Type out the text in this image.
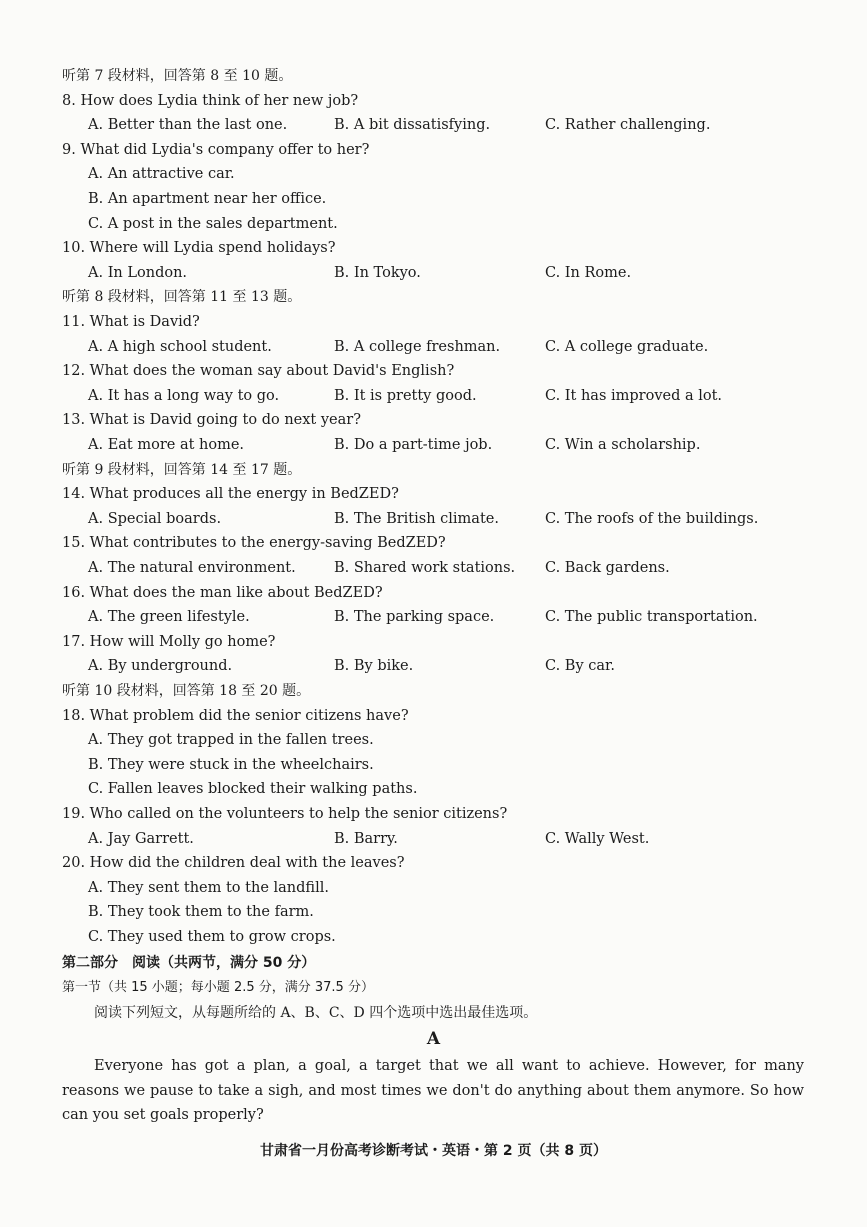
听第 7 段材料，回答第 8 至 10 题。
8. How does Lydia think of her new job?
A. Better than the last one.	B. A bit dissatisfying.	C. Rather challenging.
9. What did Lydia's company offer to her?
A. An attractive car.
B. An apartment near her office.
C. A post in the sales department.
10. Where will Lydia spend holidays?
A. In London.	B. In Tokyo.	C. In Rome.
听第 8 段材料，回答第 11 至 13 题。
11. What is David?
A. A high school student.	B. A college freshman.	C. A college graduate.
12. What does the woman say about David's English?
A. It has a long way to go.	B. It is pretty good.	C. It has improved a lot.
13. What is David going to do next year?
A. Eat more at home.	B. Do a part-time job.	C. Win a scholarship.
听第 9 段材料，回答第 14 至 17 题。
14. What produces all the energy in BedZED?
A. Special boards.	B. The British climate.	C. The roofs of the buildings.
15. What contributes to the energy-saving BedZED?
A. The natural environment.	B. Shared work stations. C. Back gardens.
16. What does the man like about BedZED?
A. The green lifestyle.	B. The parking space.	C. The public transportation.
17. How will Molly go home?
A. By underground.	B. By bike.	C. By car.
听第 10 段材料，回答第 18 至 20 题。
18. What problem did the senior citizens have?
A. They got trapped in the fallen trees.
B. They were stuck in the wheelchairs.
C. Fallen leaves blocked their walking paths.
19. Who called on the volunteers to help the senior citizens?
A. Jay Garrett.	B. Barry.	C. Wally West.
20. How did the children deal with the leaves?
A. They sent them to the landfill.
B. They took them to the farm.
C. They used them to grow crops.
第二部分　阅读（共两节，满分 50 分）
第一节（共 15 小题；每小题 2.5 分，满分 37.5 分）
阅读下列短文，从每题所给的 A、B、C、D 四个选项中选出最佳选项。
A
Everyone has got a plan, a goal, a target that we all want to achieve. However, for many reasons we pause to take a sigh, and most times we don't do anything about them anymore. So how can you set goals properly?
甘肃省一月份高考诊断考试・英语・第 2 页（共 8 页）
